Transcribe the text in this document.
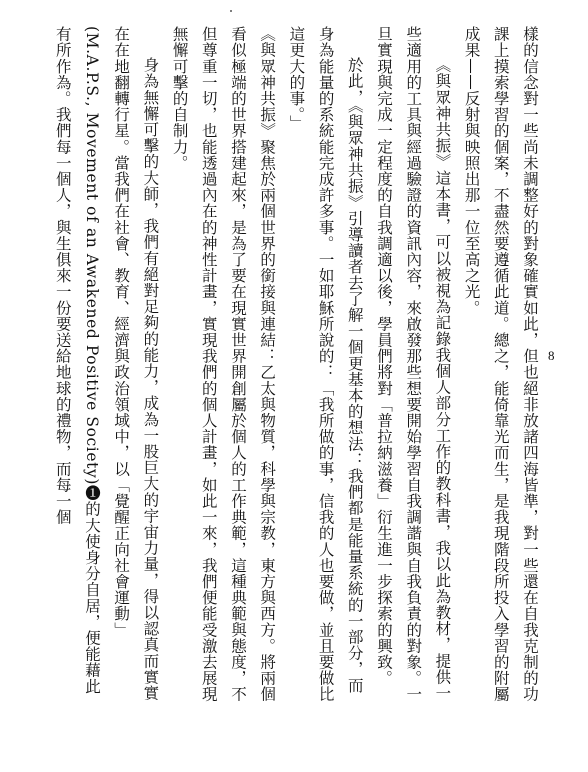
樣的信念對一些尚未調整好的對象確實如此，但也絕非放諸四海皆準，對一些還在自我克制的功課上摸索學習的個案，不盡然要遵循此道。總之，能倚靠光而生，是我現階段所投入學習的附屬成果——反射與映照出那一位至高之光。

《與眾神共振》這本書，可以被視為記錄我個人部分工作的教科書，我以此為教材，提供一些適用的工具與經過驗證的資訊內容，來啟發那些想要開始學習自我調諧與自我負責的對象。一旦實現與完成一定程度的自我調適以後，學員們將對「普拉納滋養」衍生進一步探索的興致。

於此，《與眾神共振》引導讀者去了解一個更基本的想法：我們都是能量系統的一部分，而身為能量的系統能完成許多事。一如耶穌所說的：「我所做的事，信我的人也要做，並且要做比這更大的事。」

《與眾神共振》聚焦於兩個世界的銜接與連結：乙太與物質，科學與宗教，東方與西方。將兩個看似極端的世界搭建起來，是為了要在現實世界開創屬於個人的工作典範，這種典範與態度，不但尊重一切，也能透過內在的神性計畫，實現我們的個人計畫，如此一來，我們便能受激去展現無懈可擊的自制力。

身為無懈可擊的大師，我們有絕對足夠的能力，成為一股巨大的宇宙力量，得以認真而實實在在地翻轉行星。當我們在社會、教育、經濟與政治領域中，以「覺醒正向社會運動」(M.A.P.S., Movement of an Awakened Positive Society)❶的大使身分自居，便能藉此有所作為。我們每一個人，與生俱來一份要送給地球的禮物，而每一個	8
